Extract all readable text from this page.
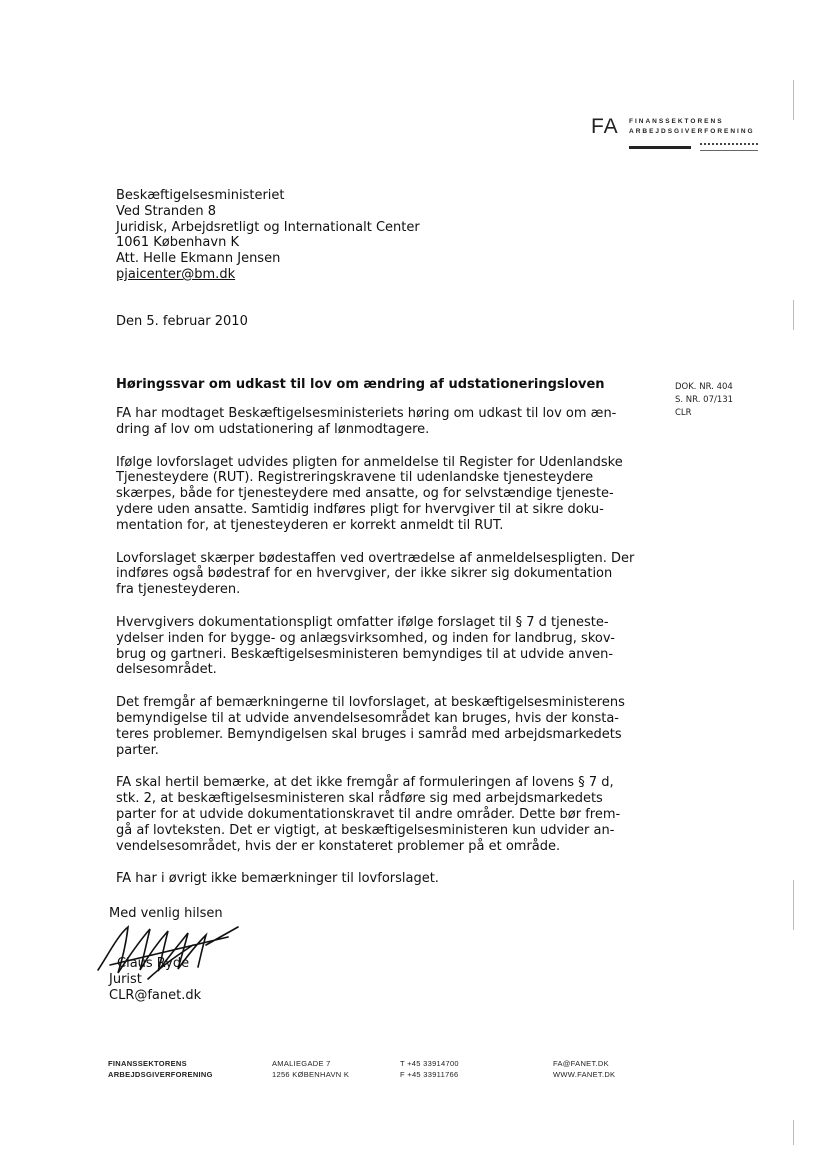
FA FINANSSEKTORENS
ARBEJDSGIVERFORENING
Beskæftigelsesministeriet
Ved Stranden 8
Juridisk, Arbejdsretligt og Internationalt Center
1061 København K
Att. Helle Ekmann Jensen
pjaicenter@bm.dk
Den 5. februar 2010
Høringssvar om udkast til lov om ændring af udstationeringsloven	DOK. NR. 404
S. NR. 07/131
CLR

FA har modtaget Beskæftigelsesministeriets høring om udkast til lov om æn-
dring af lov om udstationering af lønmodtagere.

Ifølge lovforslaget udvides pligten for anmeldelse til Register for Udenlandske
Tjenesteydere (RUT). Registreringskravene til udenlandske tjenesteydere
skærpes, både for tjenesteydere med ansatte, og for selvstændige tjeneste-
ydere uden ansatte. Samtidig indføres pligt for hvervgiver til at sikre doku-
mentation for, at tjenesteyderen er korrekt anmeldt til RUT.

Lovforslaget skærper bødestaffen ved overtrædelse af anmeldelsespligten. Der
indføres også bødestraf for en hvervgiver, der ikke sikrer sig dokumentation
fra tjenesteyderen.

Hvervgivers dokumentationspligt omfatter ifølge forslaget til § 7 d tjeneste-
ydelser inden for bygge- og anlægsvirksomhed, og inden for landbrug, skov-
brug og gartneri. Beskæftigelsesministeren bemyndiges til at udvide anven-
delsesområdet.

Det fremgår af bemærkningerne til lovforslaget, at beskæftigelsesministerens
bemyndigelse til at udvide anvendelsesområdet kan bruges, hvis der konsta-
teres problemer. Bemyndigelsen skal bruges i samråd med arbejdsmarkedets
parter.

FA skal hertil bemærke, at det ikke fremgår af formuleringen af lovens § 7 d,
stk. 2, at beskæftigelsesministeren skal rådføre sig med arbejdsmarkedets
parter for at udvide dokumentationskravet til andre områder. Dette bør frem-
gå af lovteksten. Det er vigtigt, at beskæftigelsesministeren kun udvider an-
vendelsesområdet, hvis der er konstateret problemer på et område.

FA har i øvrigt ikke bemærkninger til lovforslaget.

Med venlig hilsen
Claus Ryde
Jurist
CLR@fanet.dk
FINANSSEKTORENS
ARBEJDSGIVERFORENING
AMALIEGADE 7
1256 KØBENHAVN K
T +45 33914700
F +45 33911766
FA@FANET.DK
WWW.FANET.DK
